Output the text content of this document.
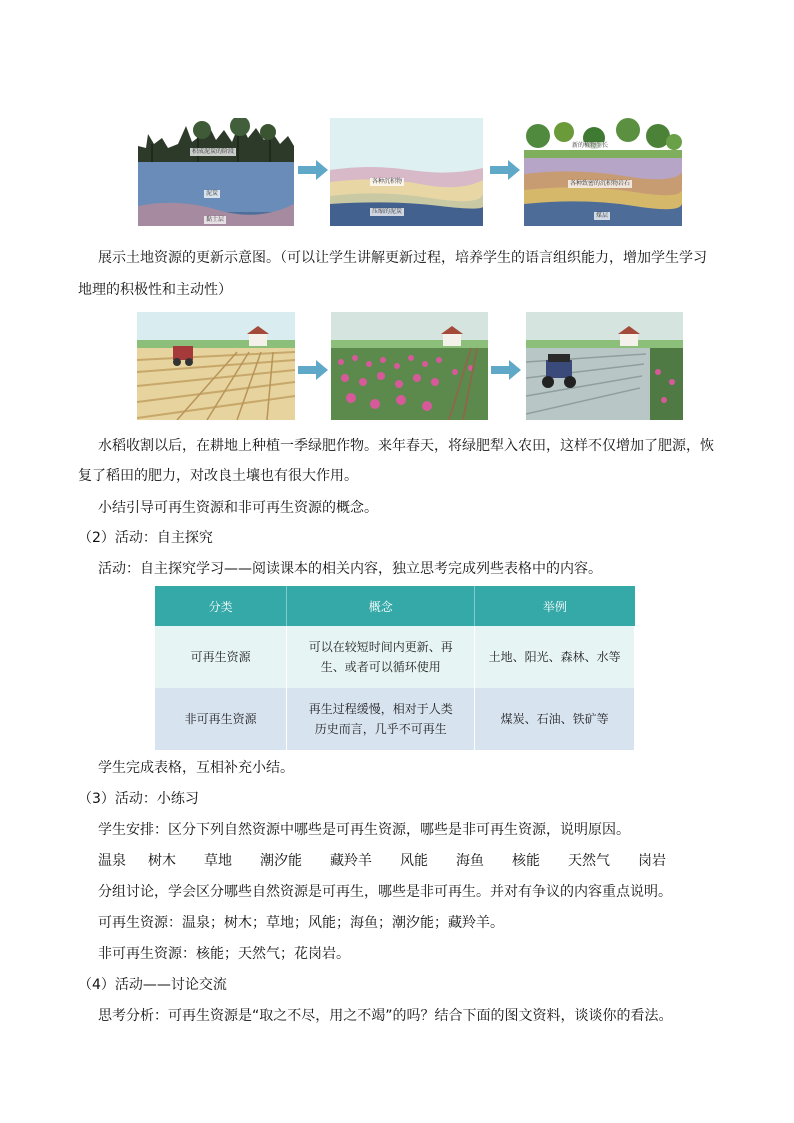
积成泥炭的阶段
泥炭
黏土层
各种沉积物
压缩的泥炭
新的植物生长
各种致密的沉积物岩石
煤层
展示土地资源的更新示意图。（可以让学生讲解更新过程，培养学生的语言组织能力，增加学生学习
地理的积极性和主动性）
水稻收割以后，在耕地上种植一季绿肥作物。来年春天，将绿肥犁入农田，这样不仅增加了肥源，恢
复了稻田的肥力，对改良土壤也有很大作用。
小结引导可再生资源和非可再生资源的概念。
（2）活动：自主探究
活动：自主探究学习——阅读课本的相关内容，独立思考完成列些表格中的内容。
分类	概念	举例
可再生资源	可以在较短时间内更新、再
生、或者可以循环使用	土地、阳光、森林、水等
非可再生资源	再生过程缓慢，相对于人类
历史而言，几乎不可再生	煤炭、石油、铁矿等
学生完成表格，互相补充小结。
（3）活动：小练习
学生安排：区分下列自然资源中哪些是可再生资源，哪些是非可再生资源，说明原因。
温泉 树木 草地 潮汐能 藏羚羊 风能 海鱼 核能 天然气 岗岩
分组讨论，学会区分哪些自然资源是可再生，哪些是非可再生。并对有争议的内容重点说明。
可再生资源：温泉；树木；草地；风能；海鱼；潮汐能；藏羚羊。
非可再生资源：核能；天然气；花岗岩。
（4）活动——讨论交流
思考分析：可再生资源是“取之不尽，用之不竭”的吗？结合下面的图文资料，谈谈你的看法。
